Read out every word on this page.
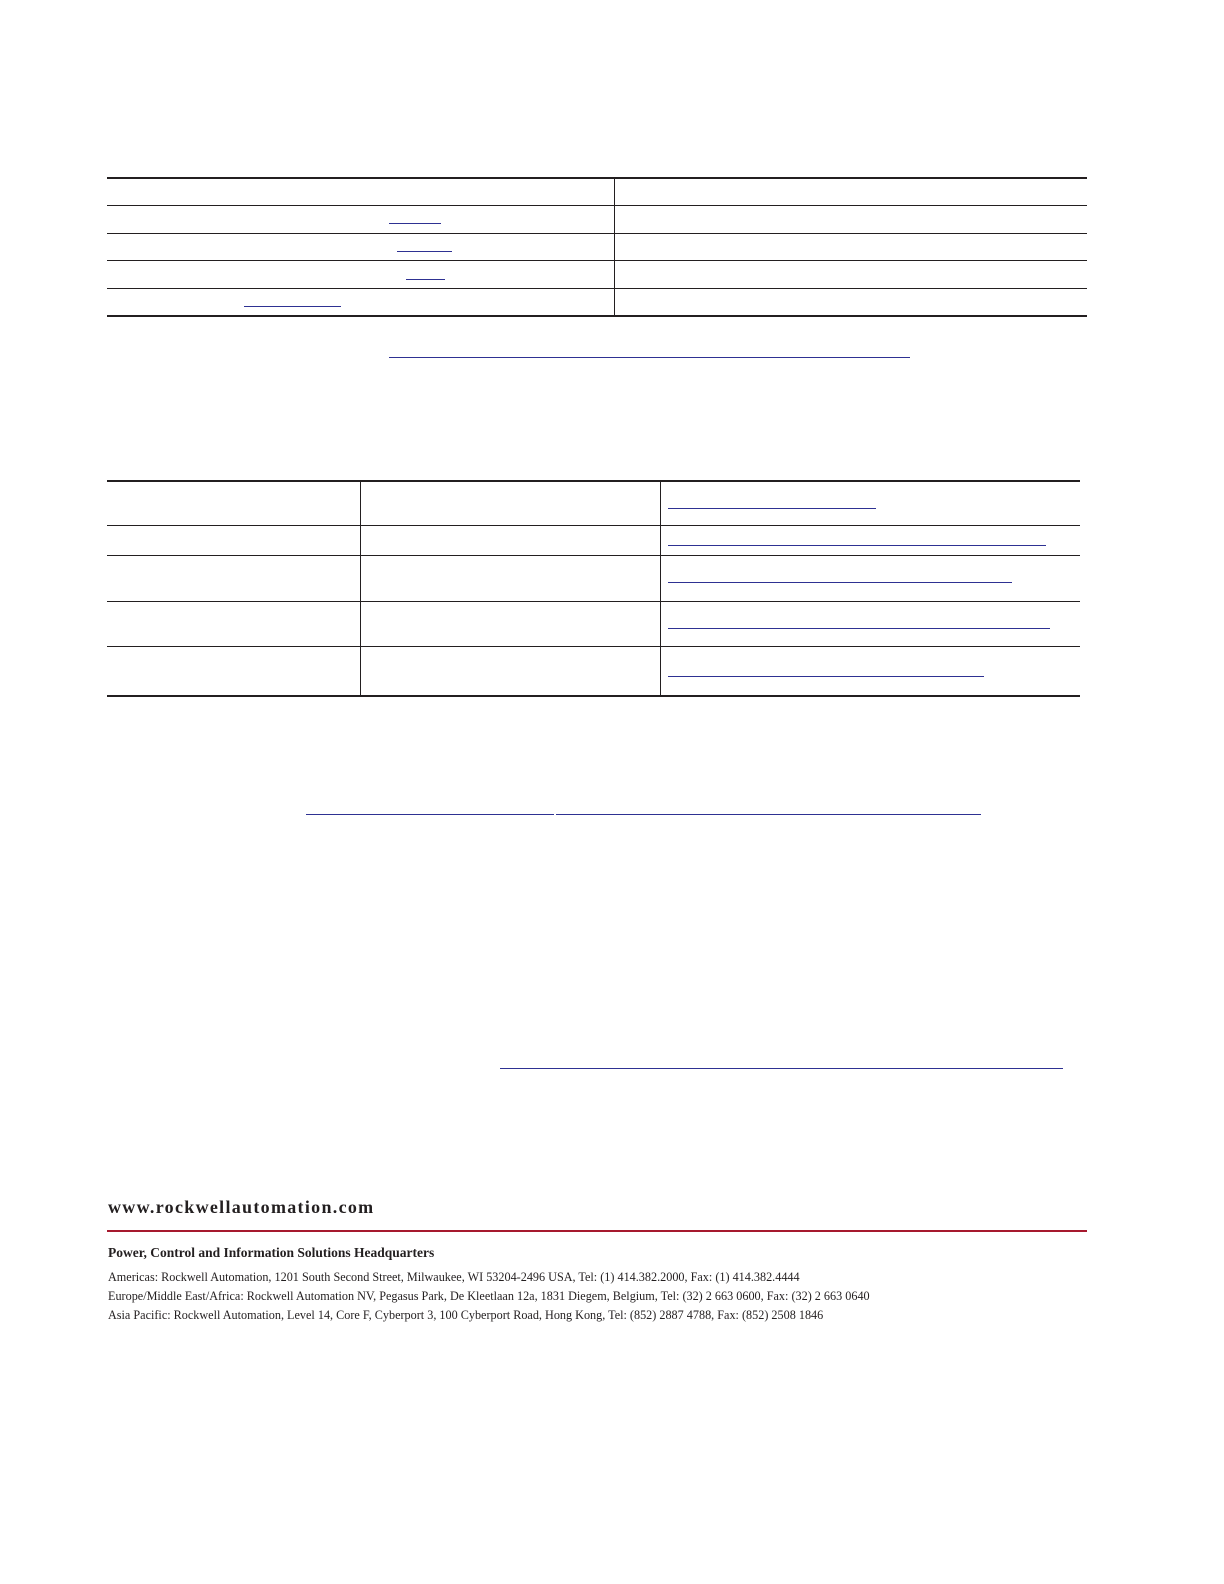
www.rockwellautomation.com

Power, Control and Information Solutions Headquarters

Americas: Rockwell Automation, 1201 South Second Street, Milwaukee, WI 53204-2496 USA, Tel: (1) 414.382.2000, Fax: (1) 414.382.4444

Europe/Middle East/Africa: Rockwell Automation NV, Pegasus Park, De Kleetlaan 12a, 1831 Diegem, Belgium, Tel: (32) 2 663 0600, Fax: (32) 2 663 0640

Asia Pacific: Rockwell Automation, Level 14, Core F, Cyberport 3, 100 Cyberport Road, Hong Kong, Tel: (852) 2887 4788, Fax: (852) 2508 1846
